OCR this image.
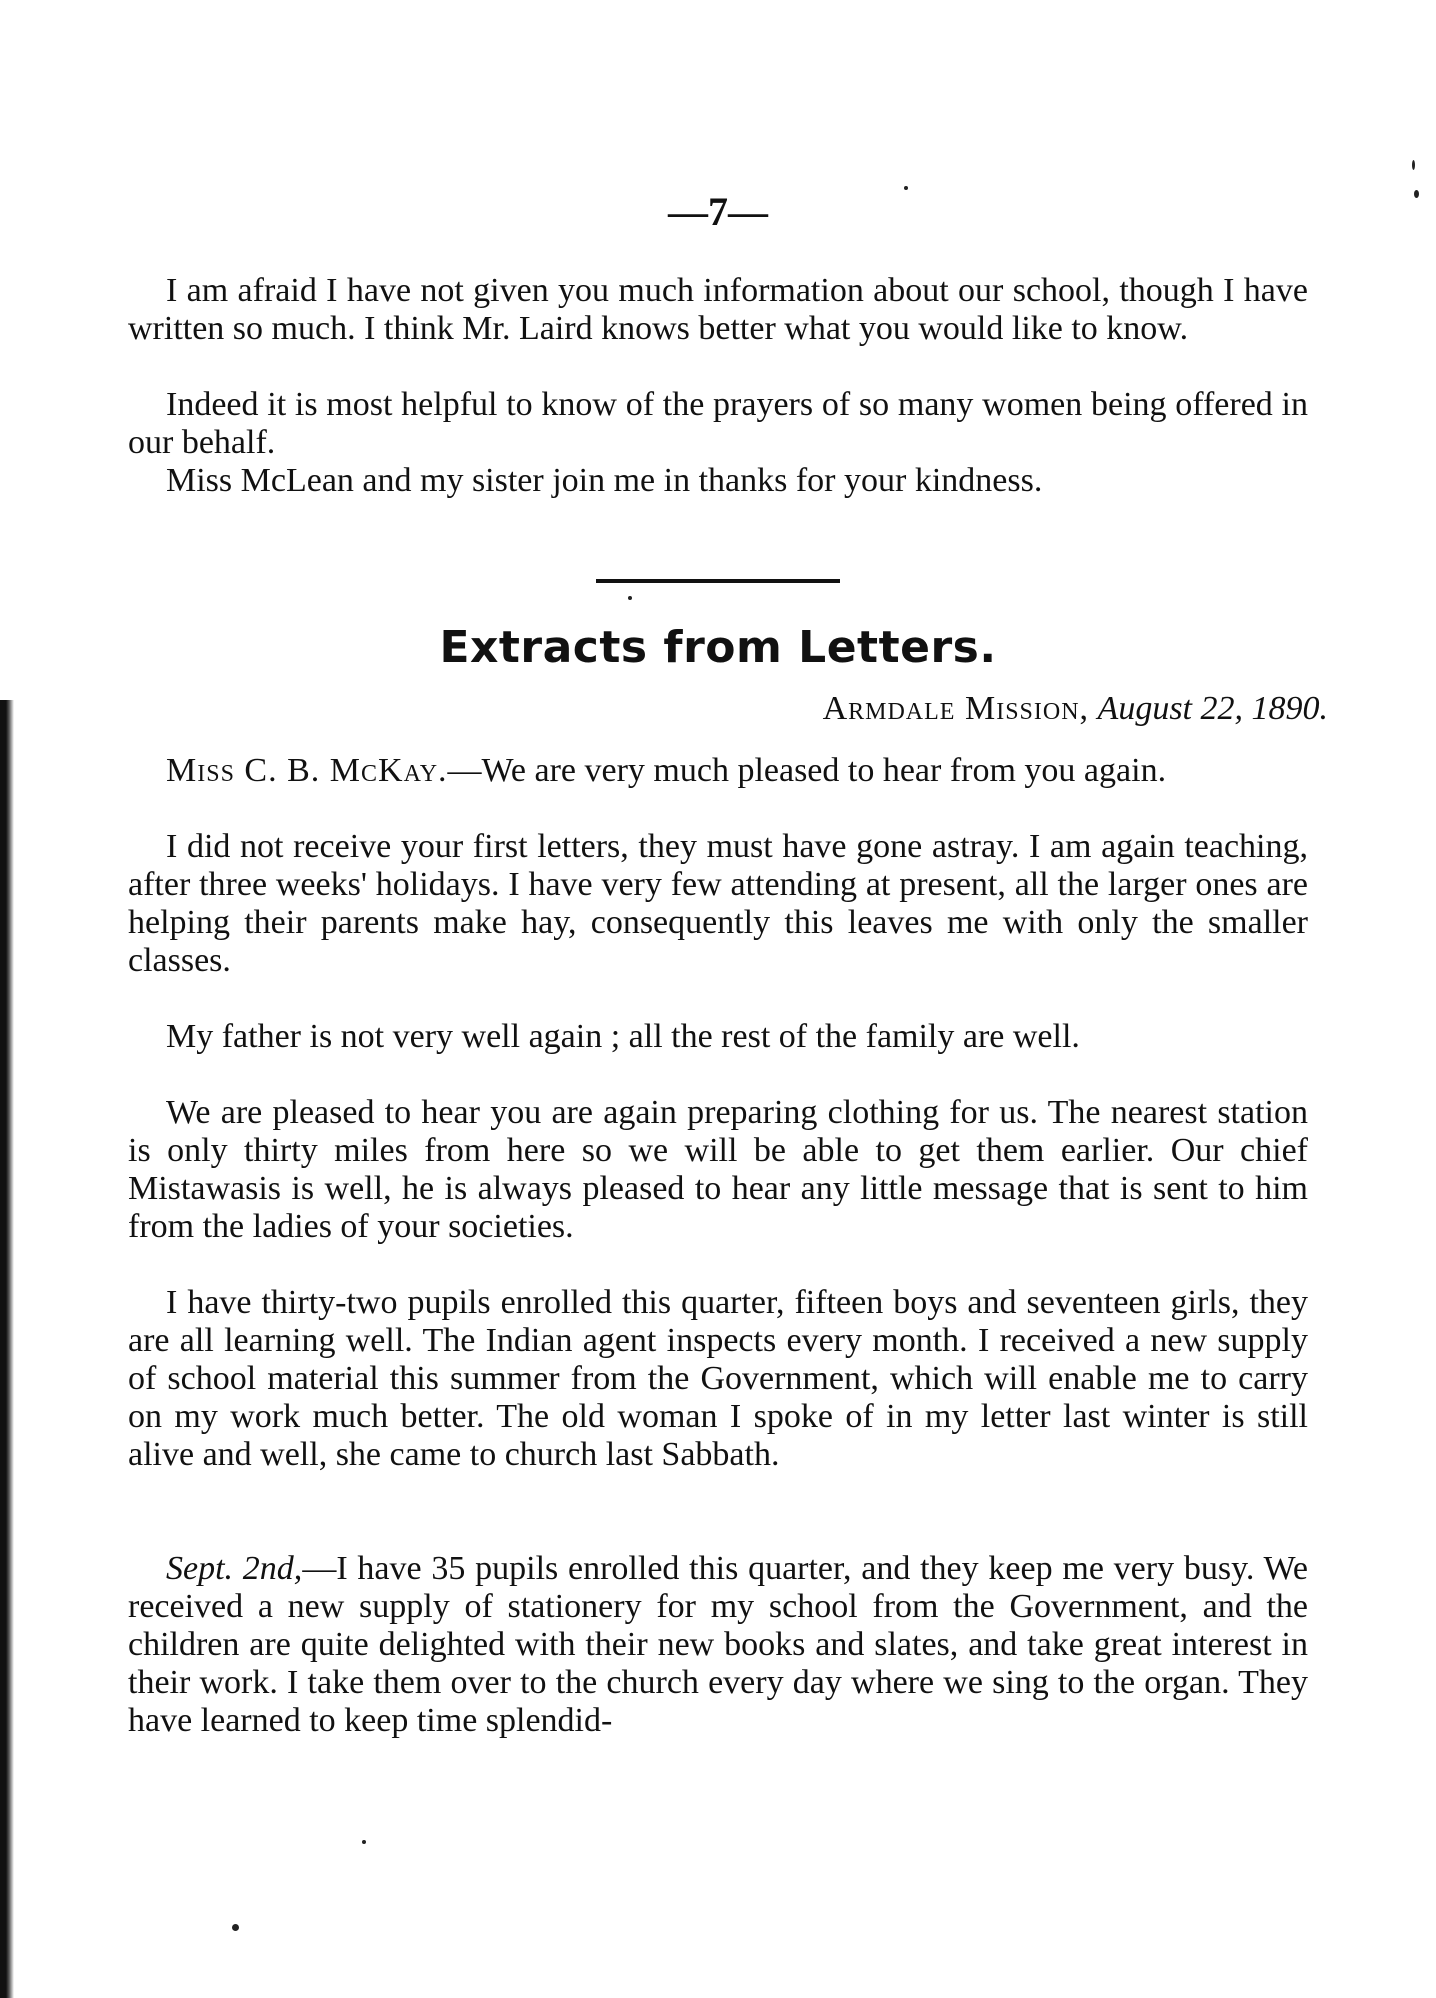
—7—

I am afraid I have not given you much information about our school, though I have written so much. I think Mr. Laird knows better what you would like to know.

Indeed it is most helpful to know of the prayers of so many women being offered in our behalf.

Miss McLean and my sister join me in thanks for your kindness.

Extracts from Letters.
Armdale Mission, August 22, 1890.

Miss C. B. McKay.—We are very much pleased to hear from you again.

I did not receive your first letters, they must have gone astray. I am again teaching, after three weeks' holidays. I have very few attending at present, all the larger ones are helping their parents make hay, consequently this leaves me with only the smaller classes.

My father is not very well again ; all the rest of the family are well.

We are pleased to hear you are again preparing clothing for us. The nearest station is only thirty miles from here so we will be able to get them earlier. Our chief Mistawasis is well, he is always pleased to hear any little message that is sent to him from the ladies of your societies.

I have thirty-two pupils enrolled this quarter, fifteen boys and seventeen girls, they are all learning well. The Indian agent inspects every month. I received a new supply of school material this summer from the Government, which will enable me to carry on my work much better. The old woman I spoke of in my letter last winter is still alive and well, she came to church last Sabbath.

Sept. 2nd,—I have 35 pupils enrolled this quarter, and they keep me very busy. We received a new supply of stationery for my school from the Government, and the children are quite delighted with their new books and slates, and take great interest in their work. I take them over to the church every day where we sing to the organ. They have learned to keep time splendid-
